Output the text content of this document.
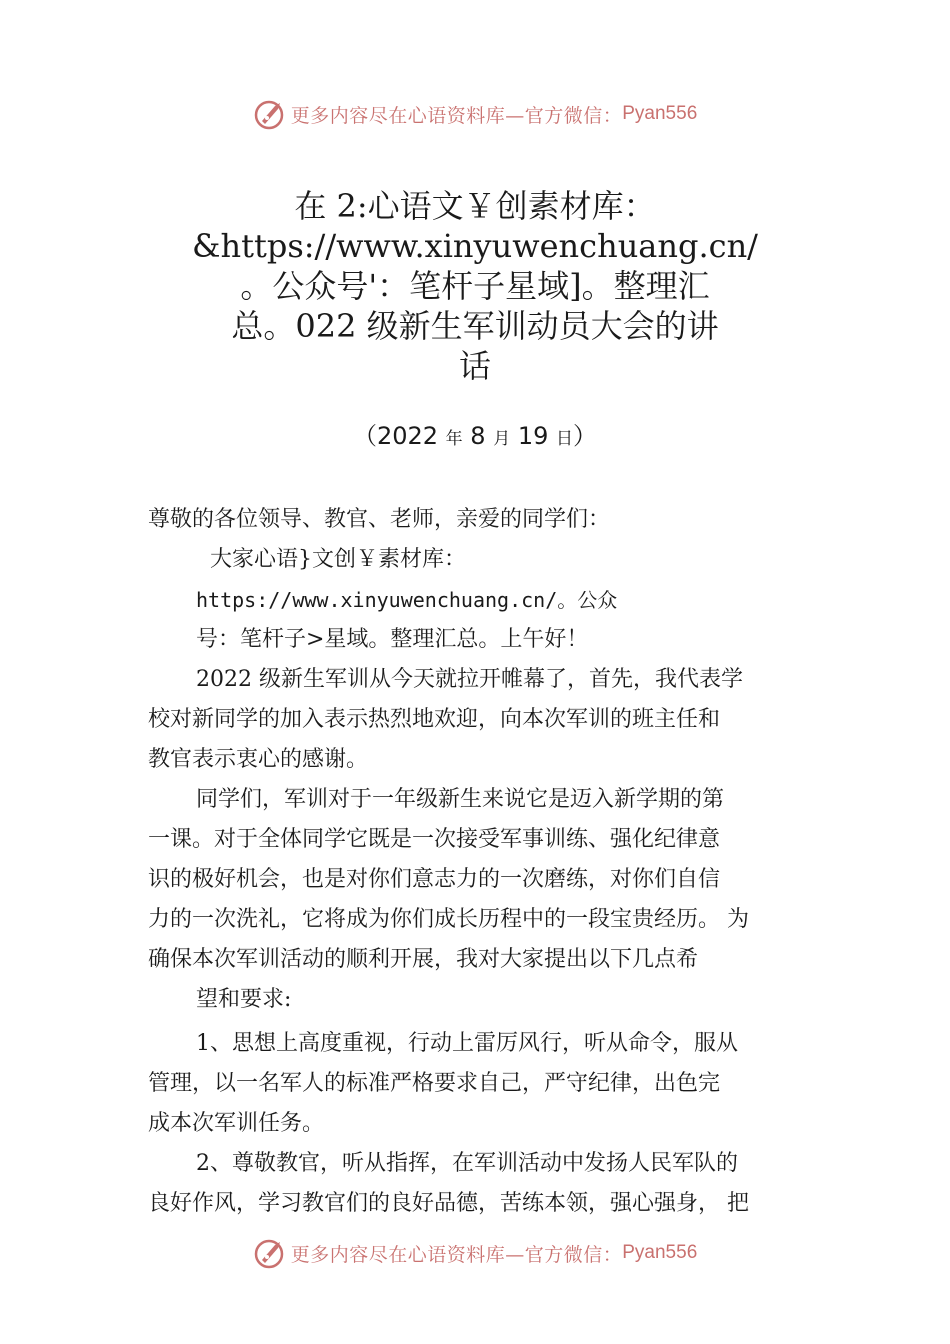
更多内容尽在心语资料库—官方微信： Pyan556
在 2:心语文￥创素材库：
&https://www.xinyuwenchuang.cn/
。公众号'：笔杆子星域]。整理汇
总。022 级新生军训动员大会的讲
话
（2022 年 8 月 19 日）

尊敬的各位领导、教官、老师，亲爱的同学们：

大家心语}文创￥素材库：

https://www.xinyuwenchuang.cn/。公众

号：笔杆子>星域。整理汇总。上午好！

2022 级新生军训从今天就拉开帷幕了，首先，我代表学

校对新同学的加入表示热烈地欢迎，向本次军训的班主任和

教官表示衷心的感谢。

同学们，军训对于一年级新生来说它是迈入新学期的第

一课。对于全体同学它既是一次接受军事训练、强化纪律意

识的极好机会，也是对你们意志力的一次磨练，对你们自信

力的一次洗礼，它将成为你们成长历程中的一段宝贵经历。 为

确保本次军训活动的顺利开展，我对大家提出以下几点希

望和要求:

1、思想上高度重视，行动上雷厉风行，听从命令，服从

管理，以一名军人的标准严格要求自己，严守纪律，出色完

成本次军训任务。

2、尊敬教官，听从指挥，在军训活动中发扬人民军队的

良好作风，学习教官们的良好品德，苦练本领，强心强身， 把

更多内容尽在心语资料库—官方微信： Pyan556
